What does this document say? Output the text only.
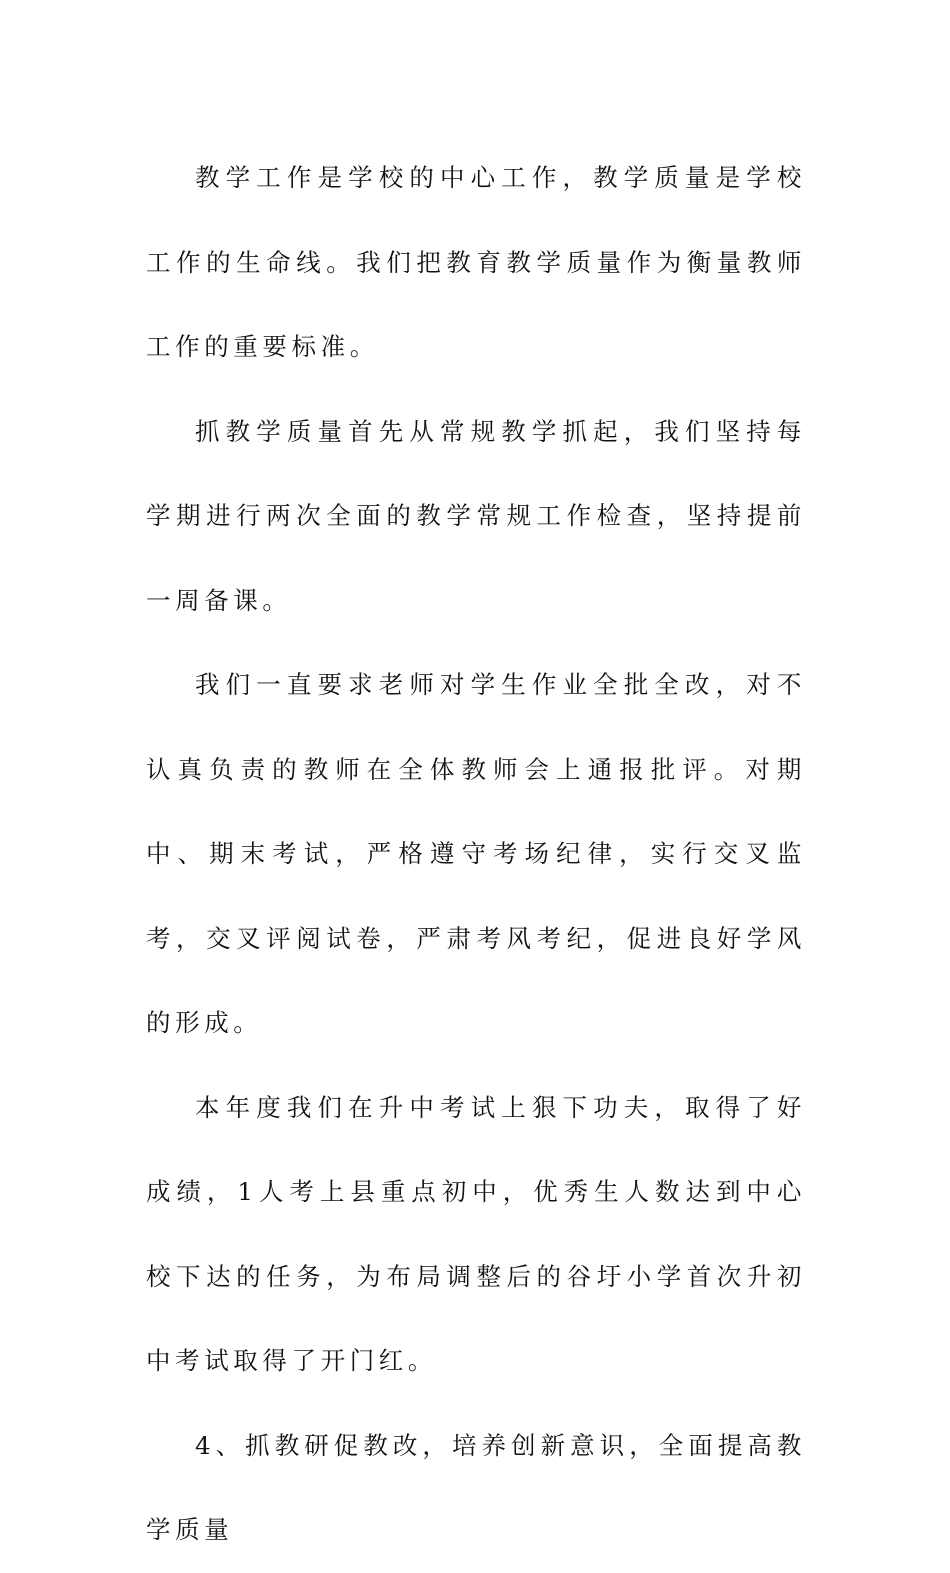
教学工作是学校的中心工作，教学质量是学校工作的生命线。我们把教育教学质量作为衡量教师工作的重要标准。

抓教学质量首先从常规教学抓起，我们坚持每学期进行两次全面的教学常规工作检查，坚持提前一周备课。

我们一直要求老师对学生作业全批全改，对不认真负责的教师在全体教师会上通报批评。对期中、期末考试，严格遵守考场纪律，实行交叉监考，交叉评阅试卷，严肃考风考纪，促进良好学风的形成。

本年度我们在升中考试上狠下功夫，取得了好成绩，1人考上县重点初中，优秀生人数达到中心校下达的任务，为布局调整后的谷圩小学首次升初中考试取得了开门红。

4、抓教研促教改，培养创新意识，全面提高教学质量
